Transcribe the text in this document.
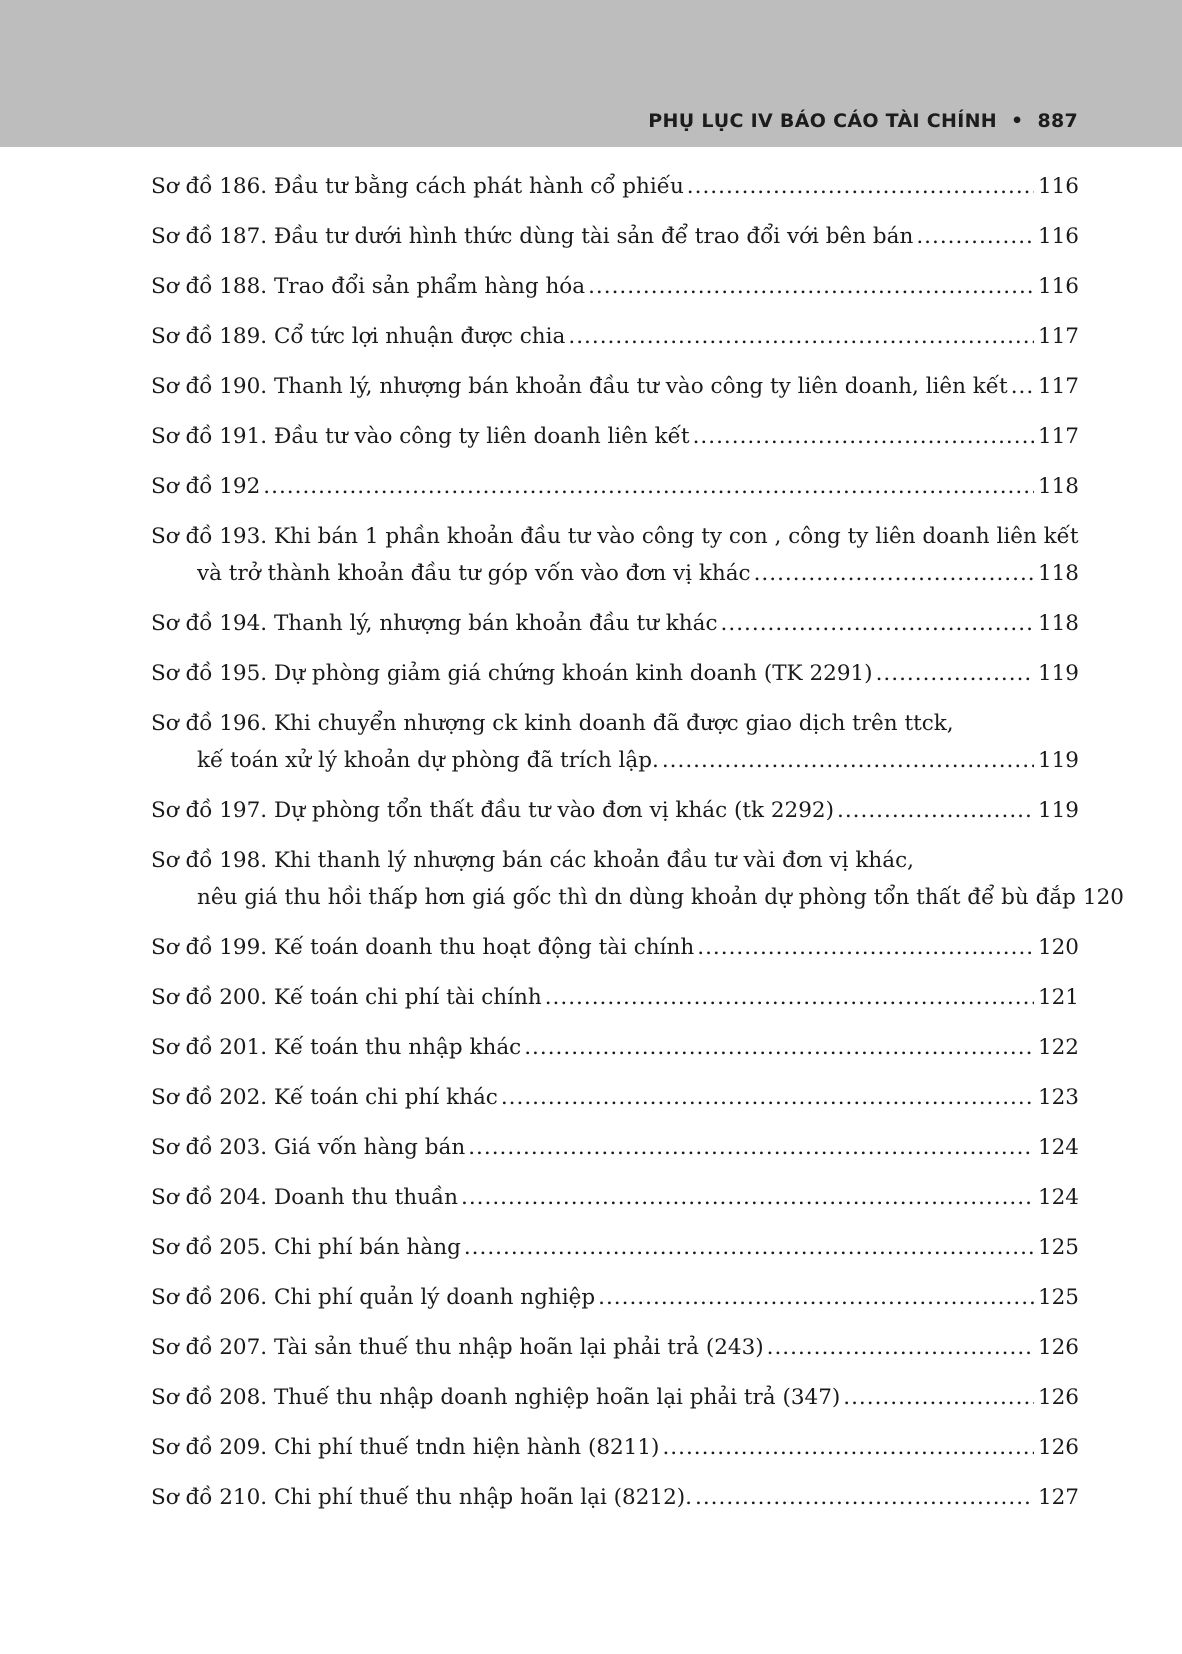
PHỤ LỤC IV BÁO CÁO TÀI CHÍNH • 887
Sơ đồ 186. Đầu tư bằng cách phát hành cổ phiếu .....	116
Sơ đồ 187. Đầu tư dưới hình thức dùng tài sản để trao đổi với bên bán .....	116
Sơ đồ 188. Trao đổi sản phẩm hàng hóa .....	116
Sơ đồ 189. Cổ tức lợi nhuận được chia .....	117
Sơ đồ 190. Thanh lý, nhượng bán khoản đầu tư vào công ty liên doanh, liên kết ..... 117
Sơ đồ 191. Đầu tư vào công ty liên doanh liên kết .....	117
Sơ đồ 192 .....	118
Sơ đồ 193. Khi bán 1 phần khoản đầu tư vào công ty con , công ty liên doanh liên kết
và trở thành khoản đầu tư góp vốn vào đơn vị khác .....	118
Sơ đồ 194. Thanh lý, nhượng bán khoản đầu tư khác .....	118
Sơ đồ 195. Dự phòng giảm giá chứng khoán kinh doanh (TK 2291) .....	119
Sơ đồ 196. Khi chuyển nhượng ck kinh doanh đã được giao dịch trên ttck,
kế toán xử lý khoản dự phòng đã trích lập. .....	119
Sơ đồ 197. Dự phòng tổn thất đầu tư vào đơn vị khác (tk 2292) .....	119
Sơ đồ 198. Khi thanh lý nhượng bán các khoản đầu tư vài đơn vị khác,
nêu giá thu hồi thấp hơn giá gốc thì dn dùng khoản dự phòng tổn thất để bù đắp 120
Sơ đồ 199. Kế toán doanh thu hoạt động tài chính .....	120
Sơ đồ 200. Kế toán chi phí tài chính .....	121
Sơ đồ 201. Kế toán thu nhập khác .....	122
Sơ đồ 202. Kế toán chi phí khác .....	123
Sơ đồ 203. Giá vốn hàng bán .....	124
Sơ đồ 204. Doanh thu thuần .....	124
Sơ đồ 205. Chi phí bán hàng .....	125
Sơ đồ 206. Chi phí quản lý doanh nghiệp .....	125
Sơ đồ 207. Tài sản thuế thu nhập hoãn lại phải trả (243) .....	126
Sơ đồ 208. Thuế thu nhập doanh nghiệp hoãn lại phải trả (347) .....	126
Sơ đồ 209. Chi phí thuế tndn hiện hành (8211) .....	126
Sơ đồ 210. Chi phí thuế thu nhập hoãn lại (8212). .....	127
